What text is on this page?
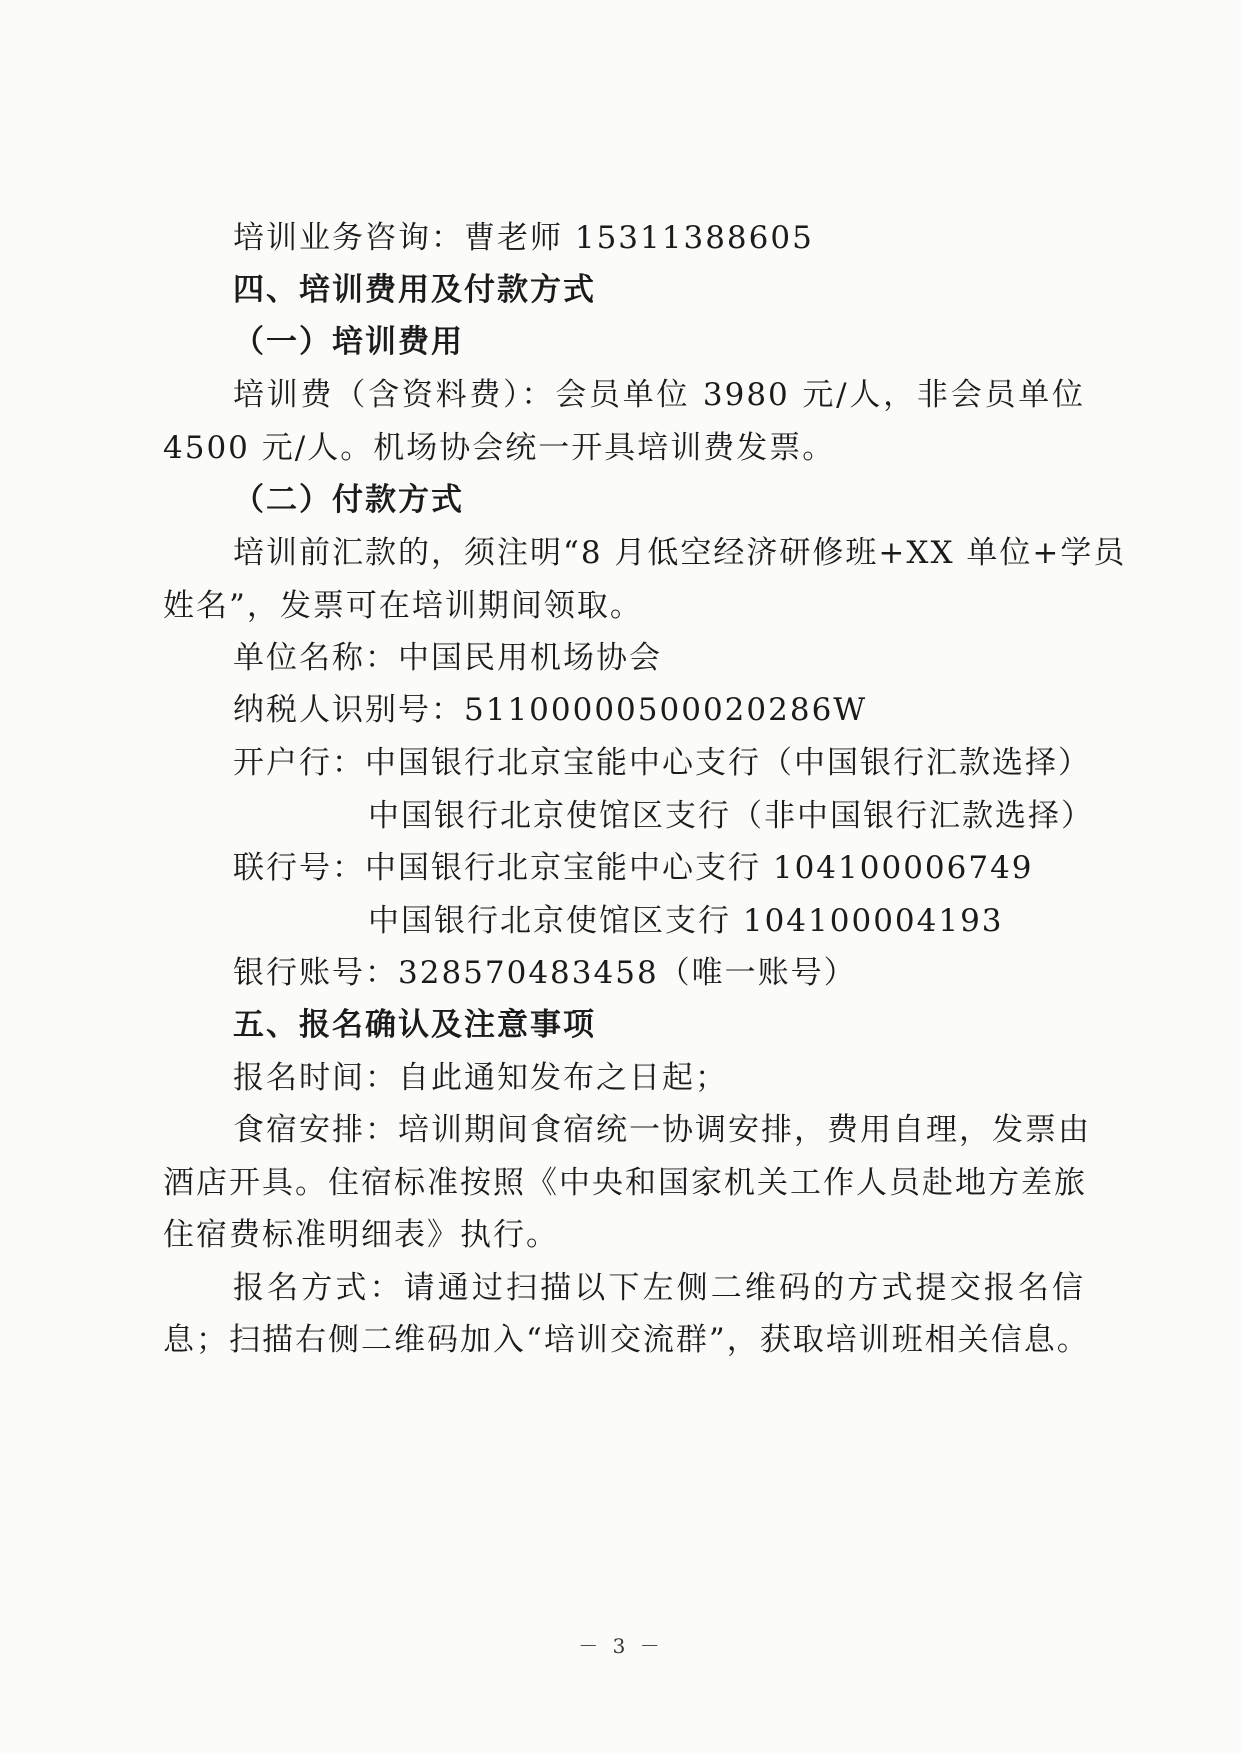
培训业务咨询：曹老师 15311388605
四、培训费用及付款方式
（一）培训费用
培训费（含资料费）：会员单位 3980 元/人，非会员单位
4500 元/人。机场协会统一开具培训费发票。
（二）付款方式
培训前汇款的，须注明“8 月低空经济研修班+XX 单位+学员
姓名”，发票可在培训期间领取。
单位名称：中国民用机场协会
纳税人识别号：51100000500020286W
开户行：中国银行北京宝能中心支行（中国银行汇款选择）
中国银行北京使馆区支行（非中国银行汇款选择）
联行号：中国银行北京宝能中心支行 104100006749
中国银行北京使馆区支行 104100004193
银行账号：328570483458（唯一账号）
五、报名确认及注意事项
报名时间：自此通知发布之日起；
食宿安排：培训期间食宿统一协调安排，费用自理，发票由
酒店开具。住宿标准按照《中央和国家机关工作人员赴地方差旅
住宿费标准明细表》执行。
报名方式：请通过扫描以下左侧二维码的方式提交报名信
息；扫描右侧二维码加入“培训交流群”，获取培训班相关信息。
－ 3 －
